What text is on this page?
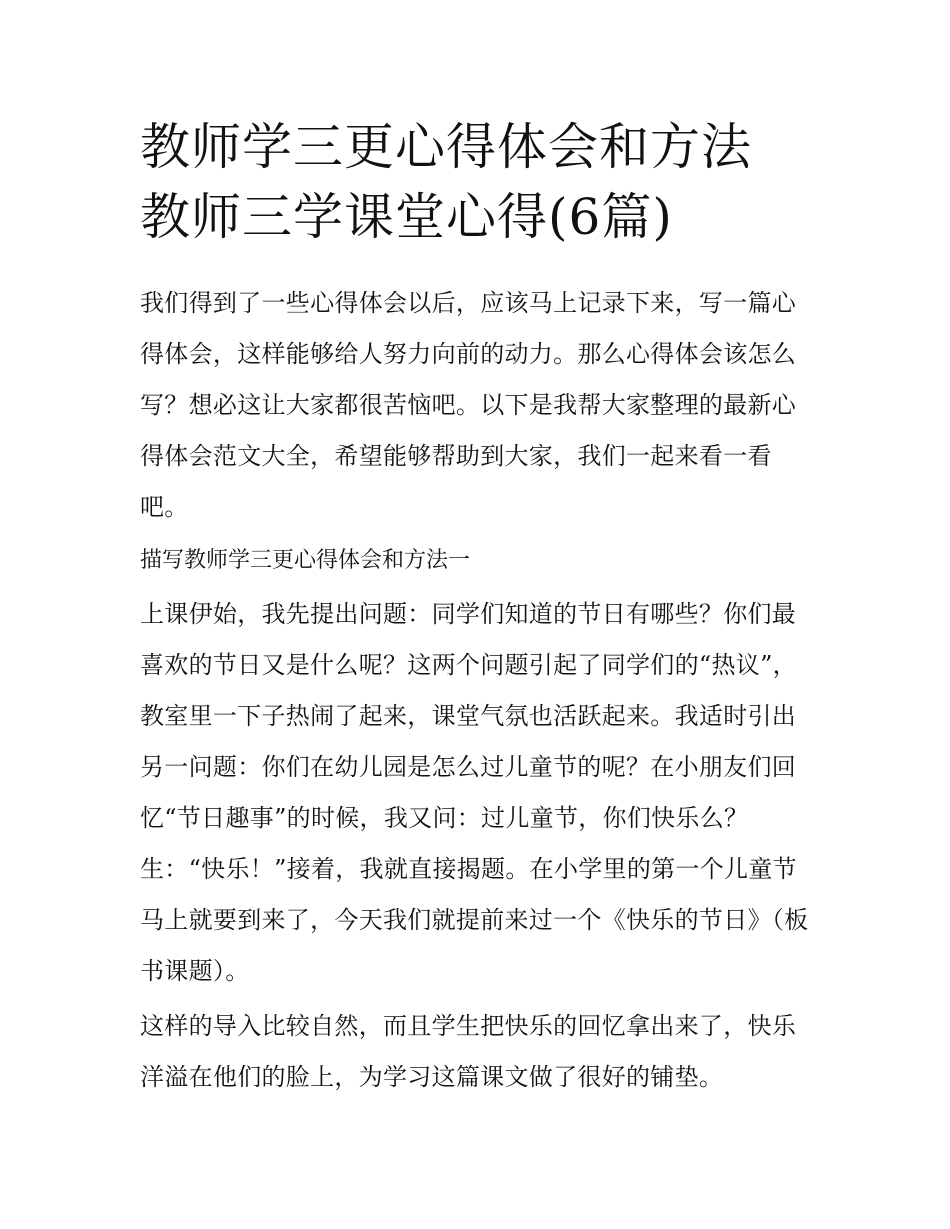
教师学三更心得体会和方法 教师三学课堂心得(6篇)

我们得到了一些心得体会以后，应该马上记录下来，写一篇心得体会，这样能够给人努力向前的动力。那么心得体会该怎么写？想必这让大家都很苦恼吧。以下是我帮大家整理的最新心得体会范文大全，希望能够帮助到大家，我们一起来看一看吧。

描写教师学三更心得体会和方法一

上课伊始，我先提出问题：同学们知道的节日有哪些？你们最喜欢的节日又是什么呢？这两个问题引起了同学们的“热议”，教室里一下子热闹了起来，课堂气氛也活跃起来。我适时引出另一问题：你们在幼儿园是怎么过儿童节的呢？在小朋友们回忆“节日趣事”的时候，我又问：过儿童节，你们快乐么？生：“快乐！”接着，我就直接揭题。在小学里的第一个儿童节马上就要到来了，今天我们就提前来过一个《快乐的节日》（板书课题）。

这样的导入比较自然，而且学生把快乐的回忆拿出来了，快乐洋溢在他们的脸上，为学习这篇课文做了很好的铺垫。
